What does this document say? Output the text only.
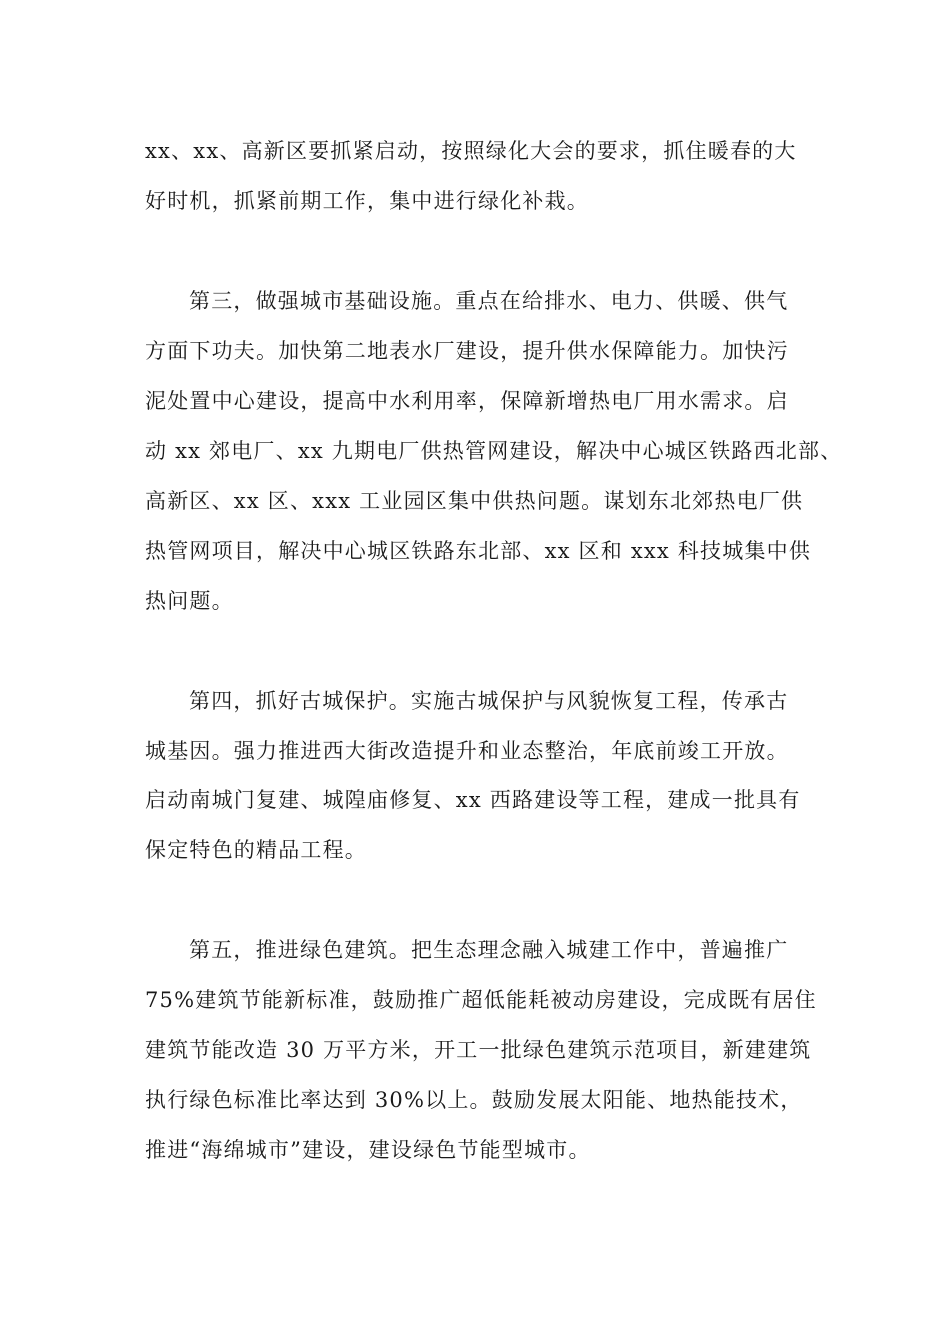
xx、xx、高新区要抓紧启动，按照绿化大会的要求，抓住暖春的大
好时机，抓紧前期工作，集中进行绿化补栽。
第三，做强城市基础设施。重点在给排水、电力、供暖、供气
方面下功夫。加快第二地表水厂建设，提升供水保障能力。加快污
泥处置中心建设，提高中水利用率，保障新增热电厂用水需求。启
动 xx 郊电厂、xx 九期电厂供热管网建设，解决中心城区铁路西北部、
高新区、xx 区、xxx 工业园区集中供热问题。谋划东北郊热电厂供
热管网项目，解决中心城区铁路东北部、xx 区和 xxx 科技城集中供
热问题。
第四，抓好古城保护。实施古城保护与风貌恢复工程，传承古
城基因。强力推进西大街改造提升和业态整治，年底前竣工开放。
启动南城门复建、城隍庙修复、xx 西路建设等工程，建成一批具有
保定特色的精品工程。
第五，推进绿色建筑。把生态理念融入城建工作中，普遍推广
75%建筑节能新标准，鼓励推广超低能耗被动房建设，完成既有居住
建筑节能改造 30 万平方米，开工一批绿色建筑示范项目，新建建筑
执行绿色标准比率达到 30%以上。鼓励发展太阳能、地热能技术，
推进“海绵城市”建设，建设绿色节能型城市。
